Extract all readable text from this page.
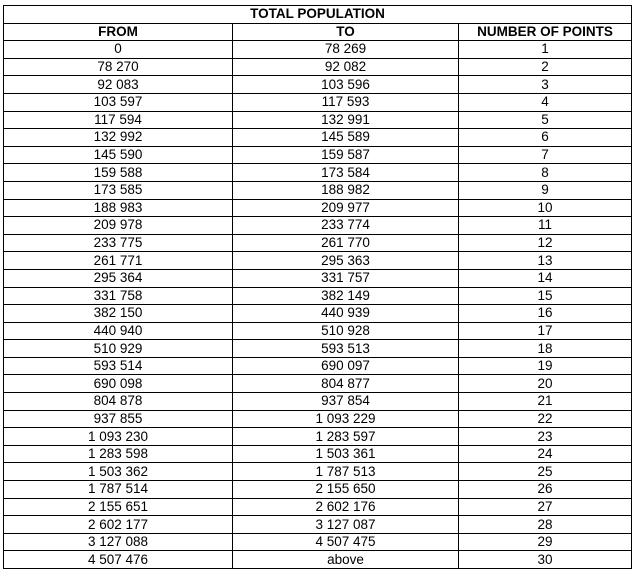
TOTAL POPULATION		
FROM	TO	NUMBER OF POINTS
0	78 269	1
78 270	92 082	2
92 083	103 596	3
103 597	117 593	4
117 594	132 991	5
132 992	145 589	6
145 590	159 587	7
159 588	173 584	8
173 585	188 982	9
188 983	209 977	10
209 978	233 774	11
233 775	261 770	12
261 771	295 363	13
295 364	331 757	14
331 758	382 149	15
382 150	440 939	16
440 940	510 928	17
510 929	593 513	18
593 514	690 097	19
690 098	804 877	20
804 878	937 854	21
937 855	1 093 229	22
1 093 230	1 283 597	23
1 283 598	1 503 361	24
1 503 362	1 787 513	25
1 787 514	2 155 650	26
2 155 651	2 602 176	27
2 602 177	3 127 087	28
3 127 088	4 507 475	29
4 507 476	above	30
